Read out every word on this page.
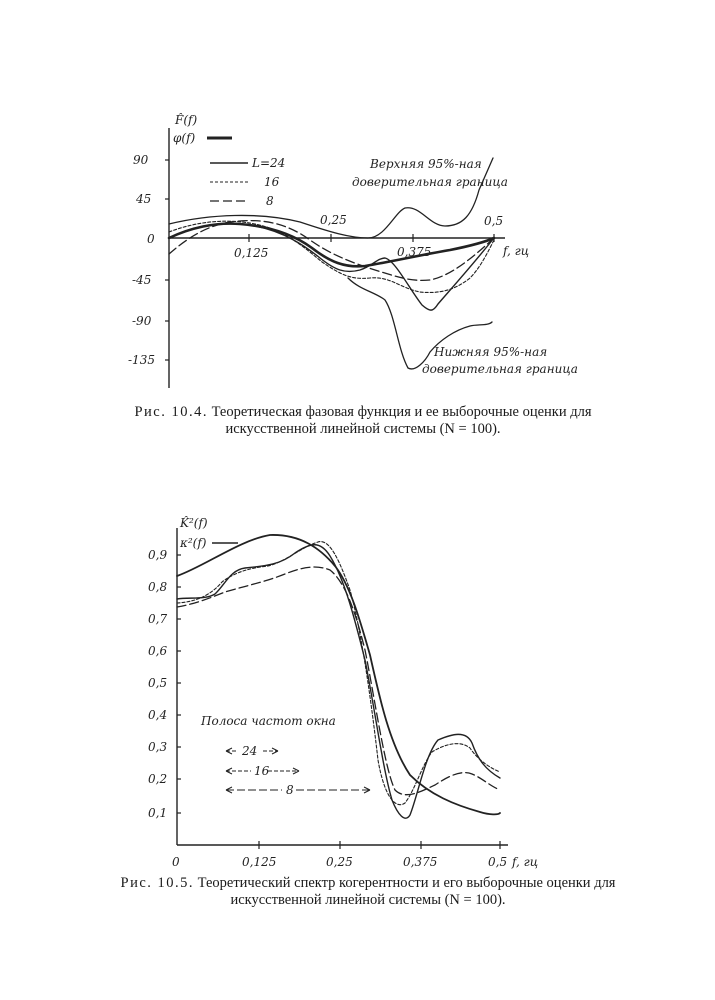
90
45
0
-45
-90
-135
0,125
0,25
0,375
0,5
f, гц
F̂(f)
φ(f)
L=24
16
8
Верхняя 95%-ная
доверительная граница
Нижняя 95%-ная
доверительная граница
0,9
0,8
0,7
0,6
0,5
0,4
0,3
0,2
0,1
0	0,125	0,25	0,375	0,5 f, гц
K̂²(f)
κ²(f)
Полоса частот окна
24
16
8
Рис. 10.4. Теоретическая фазовая функция и ее выборочные оценки для искусственной линейной системы (N = 100).
Рис. 10.5. Теоретический спектр когерентности и его выборочные оценки для искусственной линейной системы (N = 100).
